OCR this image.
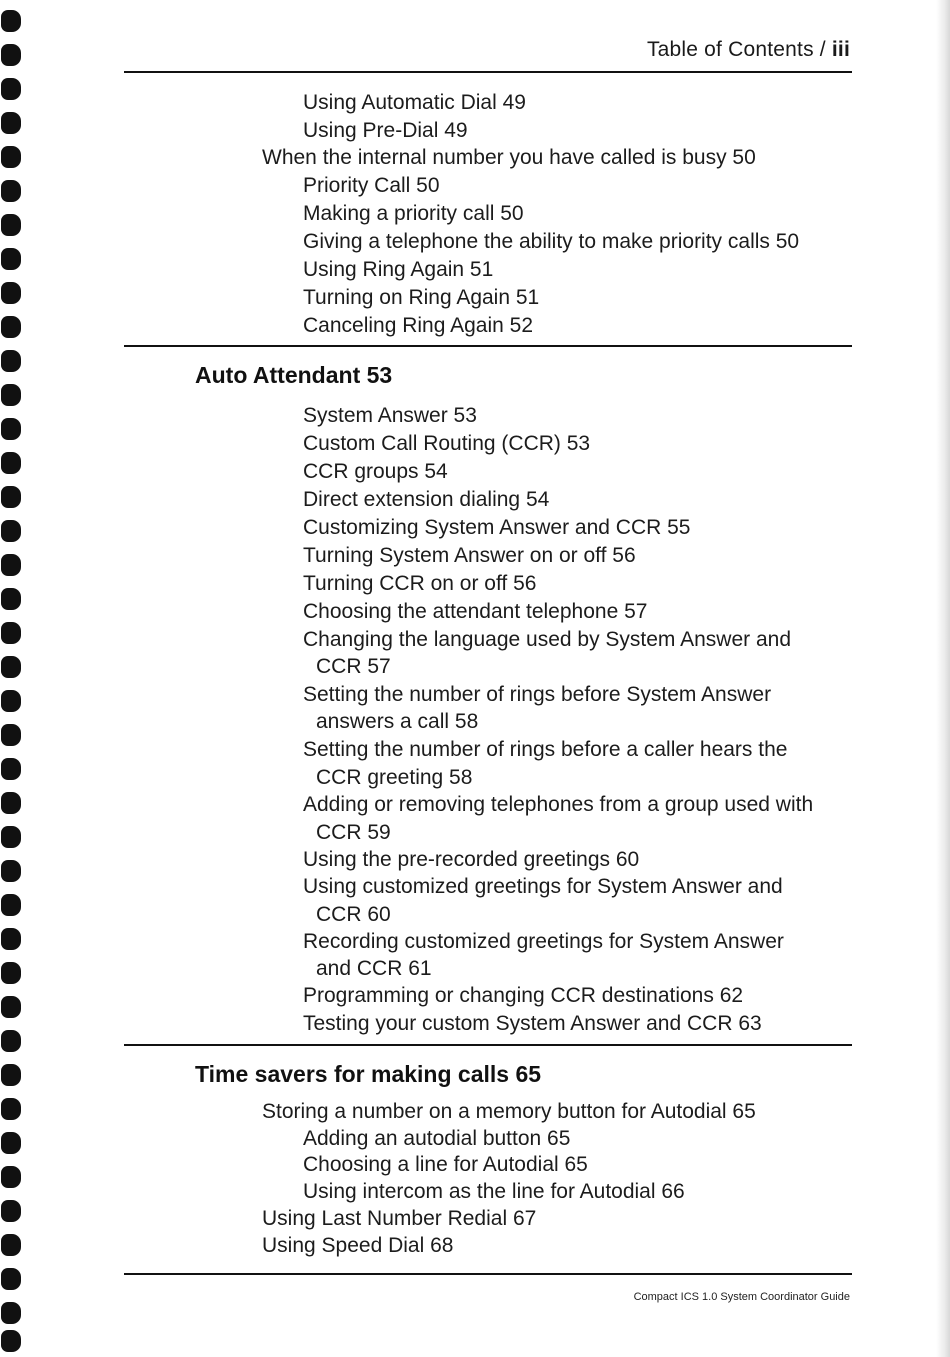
Table of Contents / iii
Using Automatic Dial 49
Using Pre-Dial 49
When the internal number you have called is busy 50
Priority Call 50
Making a priority call 50
Giving a telephone the ability to make priority calls 50
Using Ring Again 51
Turning on Ring Again 51
Canceling Ring Again 52
Auto Attendant 53
System Answer 53
Custom Call Routing (CCR) 53
CCR groups 54
Direct extension dialing 54
Customizing System Answer and CCR 55
Turning System Answer on or off 56
Turning CCR on or off 56
Choosing the attendant telephone 57
Changing the language used by System Answer and
CCR 57
Setting the number of rings before System Answer
answers a call 58
Setting the number of rings before a caller hears the
CCR greeting 58
Adding or removing telephones from a group used with
CCR 59
Using the pre-recorded greetings 60
Using customized greetings for System Answer and
CCR 60
Recording customized greetings for System Answer
and CCR 61
Programming or changing CCR destinations 62
Testing your custom System Answer and CCR 63
Time savers for making calls 65
Storing a number on a memory button for Autodial 65
Adding an autodial button 65
Choosing a line for Autodial 65
Using intercom as the line for Autodial 66
Using Last Number Redial 67
Using Speed Dial 68
Compact ICS 1.0 System Coordinator Guide
